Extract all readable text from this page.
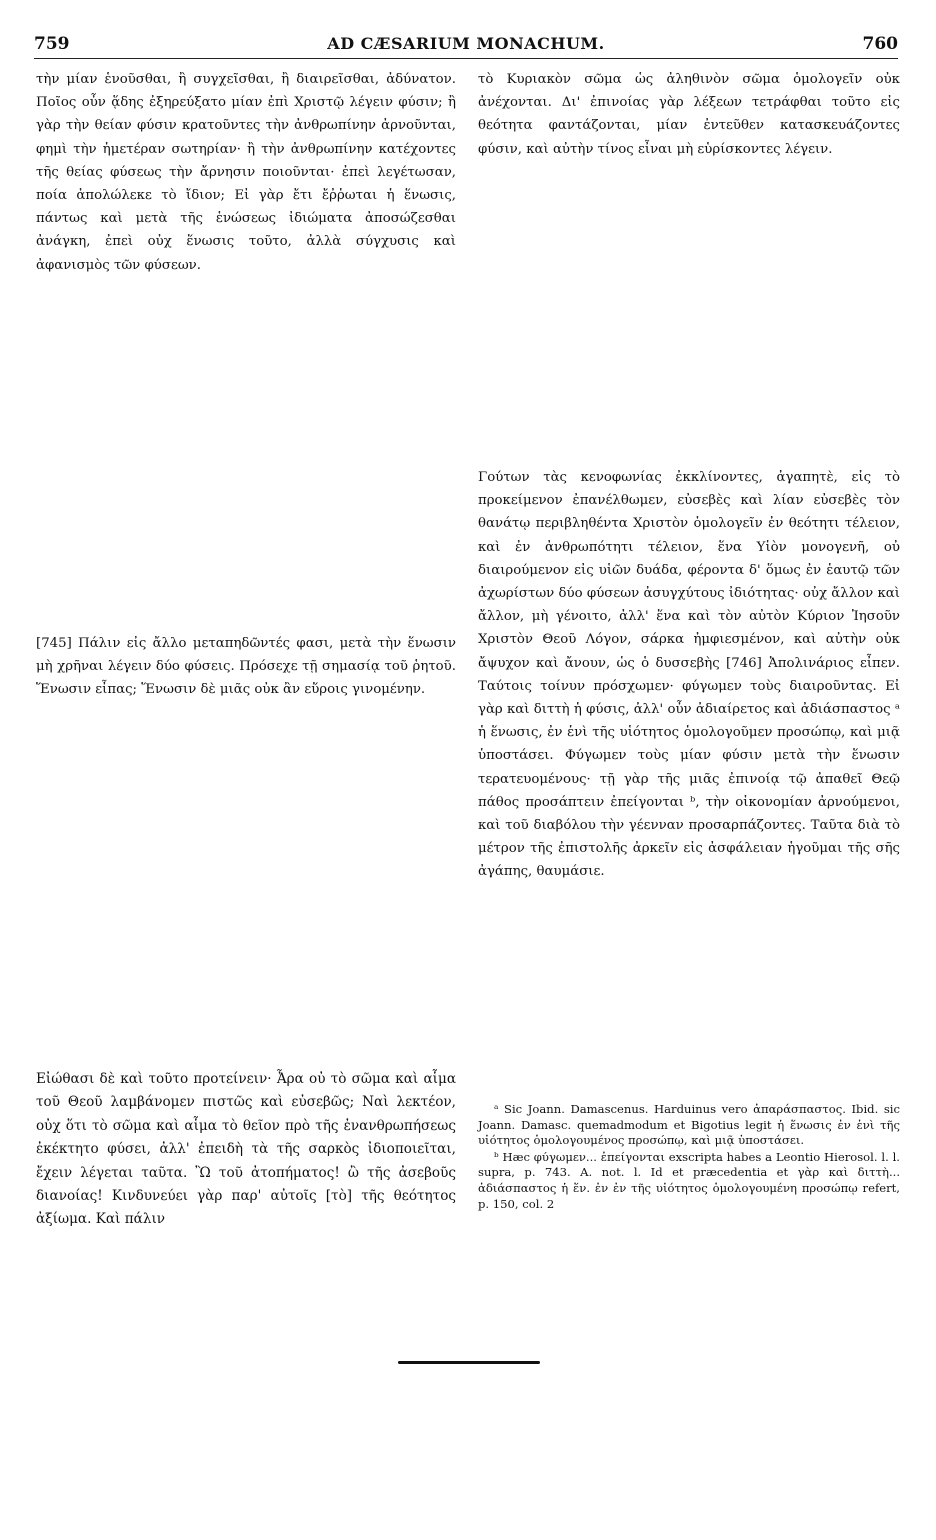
759	AD CÆSARIUM MONACHUM.	760

τὴν μίαν ἑνοῦσθαι, ἢ συγχεῖσθαι, ἢ διαιρεῖσθαι, ἀδύνατον. Ποῖος οὖν ᾅδης ἐξηρεύξατο μίαν ἐπὶ Χριστῷ λέγειν φύσιν; ἢ γὰρ τὴν θείαν φύσιν κρατοῦντες τὴν ἀνθρωπίνην ἀρνοῦνται, φημὶ τὴν ἡμετέραν σωτηρίαν· ἢ τὴν ἀνθρωπίνην κατέχοντες τῆς θείας φύσεως τὴν ἄρνησιν ποιοῦνται· ἐπεὶ λεγέτωσαν, ποία ἀπολώλεκε τὸ ἴδιον; Εἰ γὰρ ἔτι ἔῤῥωται ἡ ἕνωσις, πάντως καὶ μετὰ τῆς ἑνώσεως ἰδιώματα ἀποσώζεσθαι ἀνάγκη, ἐπεὶ οὐχ ἕνωσις τοῦτο, ἀλλὰ σύγχυσις καὶ ἀφανισμὸς τῶν φύσεων.

τὸ Κυριακὸν σῶμα ὡς ἀληθινὸν σῶμα ὁμολογεῖν οὐκ ἀνέχονται. Δι' ἐπινοίας γὰρ λέξεων τετράφθαι τοῦτο εἰς θεότητα φαντάζονται, μίαν ἐντεῦθεν κατασκευάζοντες φύσιν, καὶ αὐτὴν τίνος εἶναι μὴ εὑρίσκοντες λέγειν.

[745] Πάλιν εἰς ἄλλο μεταπηδῶντές φασι, μετὰ τὴν ἕνωσιν μὴ χρῆναι λέγειν δύο φύσεις. Πρόσεχε τῇ σημασίᾳ τοῦ ῥητοῦ. Ἕνωσιν εἶπας; Ἕνωσιν δὲ μιᾶς οὐκ ἂν εὕροις γινομένην.

Γούτων τὰς κενοφωνίας ἐκκλίνοντες, ἀγαπητὲ, εἰς τὸ προκείμενον ἐπανέλθωμεν, εὐσεβὲς καὶ λίαν εὐσεβὲς τὸν θανάτῳ περιβληθέντα Χριστὸν ὁμολογεῖν ἐν θεότητι τέλειον, καὶ ἐν ἀνθρωπότητι τέλειον, ἕνα Υἱὸν μονογενῆ, οὐ διαιρούμενον εἰς υἱῶν δυάδα, φέροντα δ' ὅμως ἐν ἑαυτῷ τῶν ἀχωρίστων δύο φύσεων ἀσυγχύτους ἰδιότητας· οὐχ ἄλλον καὶ ἄλλον, μὴ γένοιτο, ἀλλ' ἕνα καὶ τὸν αὐτὸν Κύριον Ἰησοῦν Χριστὸν Θεοῦ Λόγον, σάρκα ἠμφιεσμένον, καὶ αὐτὴν οὐκ ἄψυχον καὶ ἄνουν, ὡς ὁ δυσσεβὴς [746] Ἀπολινάριος εἶπεν. Ταύτοις τοίνυν πρόσχωμεν· φύγωμεν τοὺς διαιροῦντας. Εἰ γὰρ καὶ διττὴ ἡ φύσις, ἀλλ' οὖν ἀδιαίρετος καὶ ἀδιάσπαστος ᵃ ἡ ἕνωσις, ἐν ἑνὶ τῆς υἱότητος ὁμολογοῦμεν προσώπῳ, καὶ μιᾷ ὑποστάσει. Φύγωμεν τοὺς μίαν φύσιν μετὰ τὴν ἕνωσιν τερατευομένους· τῇ γὰρ τῆς μιᾶς ἐπινοίᾳ τῷ ἀπαθεῖ Θεῷ πάθος προσάπτειν ἐπείγονται ᵇ, τὴν οἰκονομίαν ἀρνούμενοι, καὶ τοῦ διαβόλου τὴν γέενναν προσαρπάζοντες. Ταῦτα διὰ τὸ μέτρον τῆς ἐπιστολῆς ἀρκεῖν εἰς ἀσφάλειαν ἡγοῦμαι τῆς σῆς ἀγάπης, θαυμάσιε.

Εἰώθασι δὲ καὶ τοῦτο προτείνειν· Ἆρα οὐ τὸ σῶμα καὶ αἷμα τοῦ Θεοῦ λαμβάνομεν πιστῶς καὶ εὐσεβῶς; Ναὶ λεκτέον, οὐχ ὅτι τὸ σῶμα καὶ αἷμα τὸ θεῖον πρὸ τῆς ἐνανθρωπήσεως ἐκέκτητο φύσει, ἀλλ' ἐπειδὴ τὰ τῆς σαρκὸς ἰδιοποιεῖται, ἔχειν λέγεται ταῦτα. Ὢ τοῦ ἀτοπήματος! ὢ τῆς ἀσεβοῦς διανοίας! Κινδυνεύει γὰρ παρ' αὐτοῖς [τὸ] τῆς θεότητος ἀξίωμα. Καὶ πάλιν

ᵃ Sic Joann. Damascenus. Harduinus vero ἀπαράσπαστος. Ibid. sic Joann. Damasc. quemadmodum et Bigotius legit ἡ ἕνωσις ἐν ἑνὶ τῆς υἱότητος ὁμολογουμένος προσώπῳ, καὶ μιᾷ ὑποστάσει.

ᵇ Hæc φύγωμεν... ἐπείγονται exscripta habes a Leontio Hierosol. l. l. supra, p. 743. A. not. l. Id et præcedentia et γὰρ καὶ διττὴ... ἀδιάσπαστος ἡ ἕν. ἐν ἐν τῆς υἱότητος ὁμολογουμένη προσώπῳ refert, p. 150, col. 2
